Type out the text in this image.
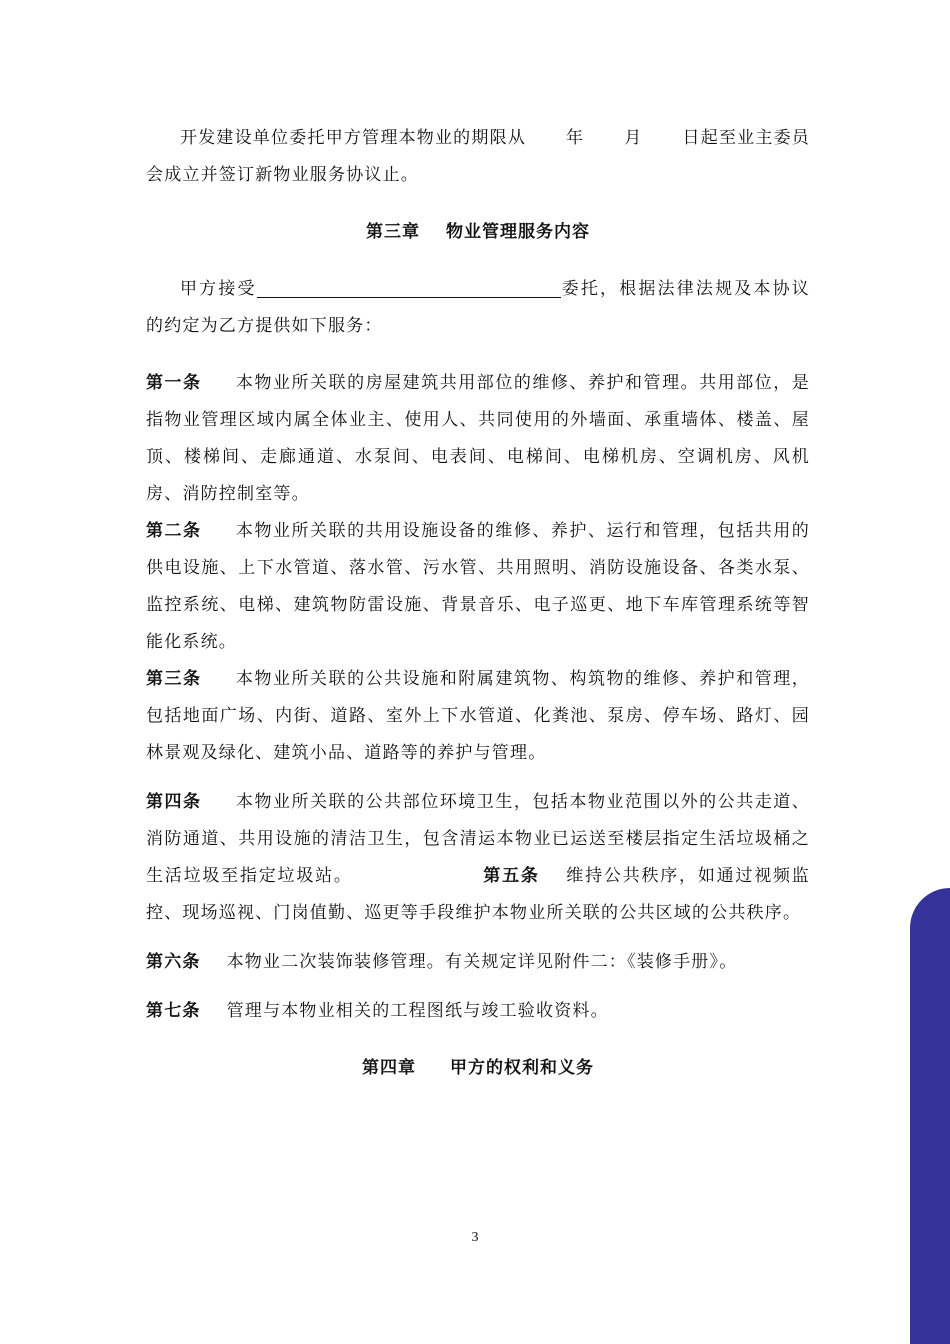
开发建设单位委托甲方管理本物业的期限从 年 月 日起至业主委员会成立并签订新物业服务协议止。

第三章 物业管理服务内容

甲方接受	委托，根据法律法规及本协议的约定为乙方提供如下服务：

第一条 本物业所关联的房屋建筑共用部位的维修、养护和管理。共用部位，是指物业管理区域内属全体业主、使用人、共同使用的外墙面、承重墙体、楼盖、屋顶、楼梯间、走廊通道、水泵间、电表间、电梯间、电梯机房、空调机房、风机房、消防控制室等。

第二条 本物业所关联的共用设施设备的维修、养护、运行和管理，包括共用的供电设施、上下水管道、落水管、污水管、共用照明、消防设施设备、各类水泵、监控系统、电梯、建筑物防雷设施、背景音乐、电子巡更、地下车库管理系统等智能化系统。

第三条 本物业所关联的公共设施和附属建筑物、构筑物的维修、养护和管理，包括地面广场、内街、道路、室外上下水管道、化粪池、泵房、停车场、路灯、园林景观及绿化、建筑小品、道路等的养护与管理。

第四条 本物业所关联的公共部位环境卫生，包括本物业范围以外的公共走道、消防通道、共用设施的清洁卫生，包含清运本物业已运送至楼层指定生活垃圾桶之生活垃圾至指定垃圾站。	第五条 维持公共秩序，如通过视频监控、现场巡视、门岗值勤、巡更等手段维护本物业所关联的公共区域的公共秩序。

第六条 本物业二次装饰装修管理。有关规定详见附件二：《装修手册》。

第七条 管理与本物业相关的工程图纸与竣工验收资料。

第四章 甲方的权利和义务

3
